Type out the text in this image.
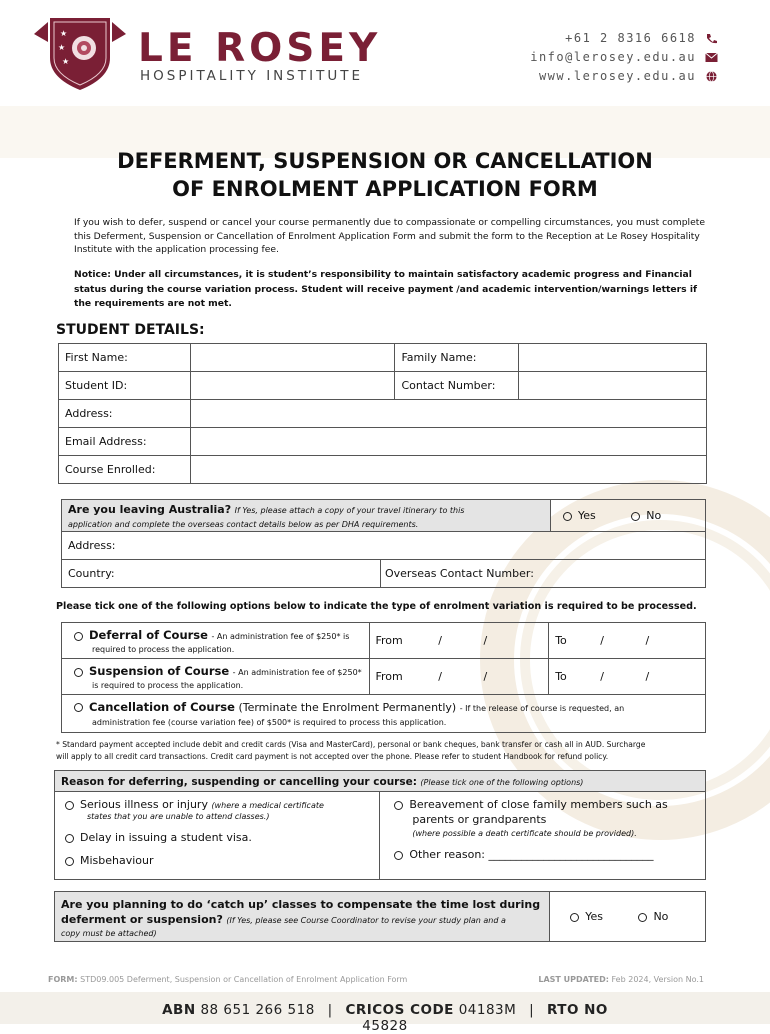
★
★
★ LE ROSEY
HOSPITALITY INSTITUTE
+61 2 8316 6618
info@lerosey.edu.au
www.lerosey.edu.au
DEFERMENT, SUSPENSION OR CANCELLATION
OF ENROLMENT APPLICATION FORM
If you wish to defer, suspend or cancel your course permanently due to compassionate or compelling circumstances, you must complete this Deferment, Suspension or Cancellation of Enrolment Application Form and submit the form to the Reception at Le Rosey Hospitality Institute with the application processing fee.
Notice: Under all circumstances, it is student’s responsibility to maintain satisfactory academic progress and Financial status during the course variation process. Student will receive payment /and academic intervention/warnings letters if the requirements are not met.
STUDENT DETAILS:
First Name:		Family Name:	
Student ID:		Contact Number:	
Address:			
Email Address:			
Course Enrolled:			
Are you leaving Australia? If Yes, please attach a copy of your travel itinerary to this
application and complete the overseas contact details below as per DHA requirements.		Yes No
Address:		
Country:	Overseas Contact Number:	
Please tick one of the following options below to indicate the type of enrolment variation is required to be processed.
Deferral of Course - An administration fee of $250* is
required to process the application.	From / /	To / /
Suspension of Course - An administration fee of $250*
is required to process the application.	From / /	To / /
Cancellation of Course (Terminate the Enrolment Permanently) - If the release of course is requested, an
administration fee (course variation fee) of $500* is required to process this application.		
* Standard payment accepted include debit and credit cards (Visa and MasterCard), personal or bank cheques, bank transfer or cash all in AUD. Surcharge
will apply to all credit card transactions. Credit card payment is not accepted over the phone. Please refer to student Handbook for refund policy.
Reason for deferring, suspending or cancelling your course: (Please tick one of the following options)

Serious illness or injury (where a medical certificate
states that you are unable to attend classes.)
Delay in issuing a student visa.
Misbehaviour

Bereavement of close family members such as
parents or grandparents
(where possible a death certificate should be provided).
Other reason: ______________________________
Are you planning to do ‘catch up’ classes to compensate the time lost during
deferment or suspension? (If Yes, please see Course Coordinator to revise your study plan and a
copy must be attached)
	Yes	No
FORM: STD09.005 Deferment, Suspension or Cancellation of Enrolment Application Form	LAST UPDATED: Feb 2024, Version No.1
ABN 88 651 266 518 | CRICOS CODE 04183M | RTO NO 45828
